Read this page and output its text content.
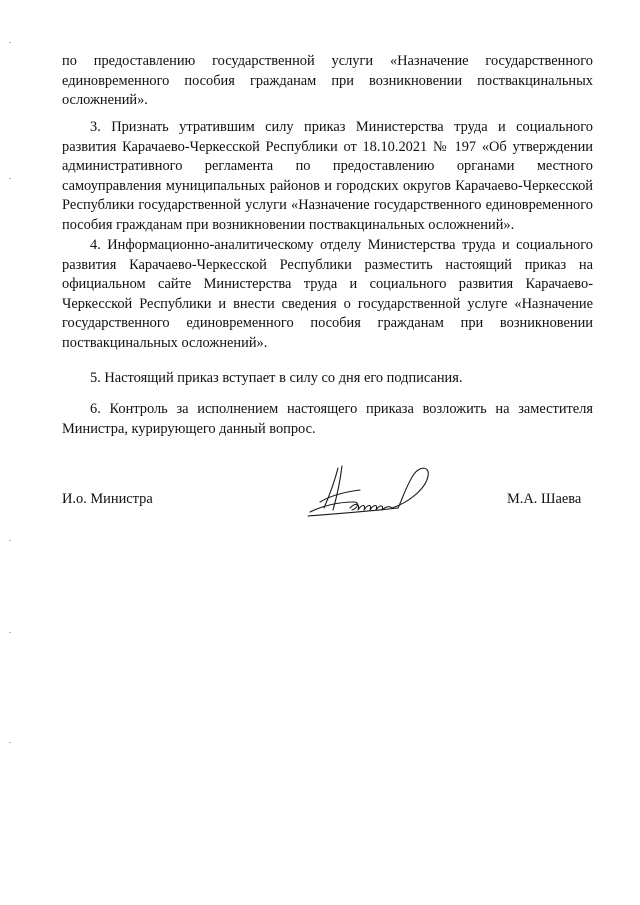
по предоставлению государственной услуги «Назначение государственного единовременного пособия гражданам при возникновении поствакцинальных осложнений».

3. Признать утратившим силу приказ Министерства труда и социального развития Карачаево-Черкесской Республики от 18.10.2021 № 197 «Об утверждении административного регламента по предоставлению органами местного самоуправления муниципальных районов и городских округов Карачаево-Черкесской Республики государственной услуги «Назначение государственного единовременного пособия гражданам при возникновении поствакцинальных осложнений».

4. Информационно-аналитическому отделу Министерства труда и социального развития Карачаево-Черкесской Республики разместить настоящий приказ на официальном сайте Министерства труда и социального развития Карачаево-Черкесской Республики и внести сведения о государственной услуге «Назначение государственного единовременного пособия гражданам при возникновении поствакцинальных осложнений».

5. Настоящий приказ вступает в силу со дня его подписания.

6. Контроль за исполнением настоящего приказа возложить на заместителя Министра, курирующего данный вопрос.

И.о. Министра	М.А. Шаева
